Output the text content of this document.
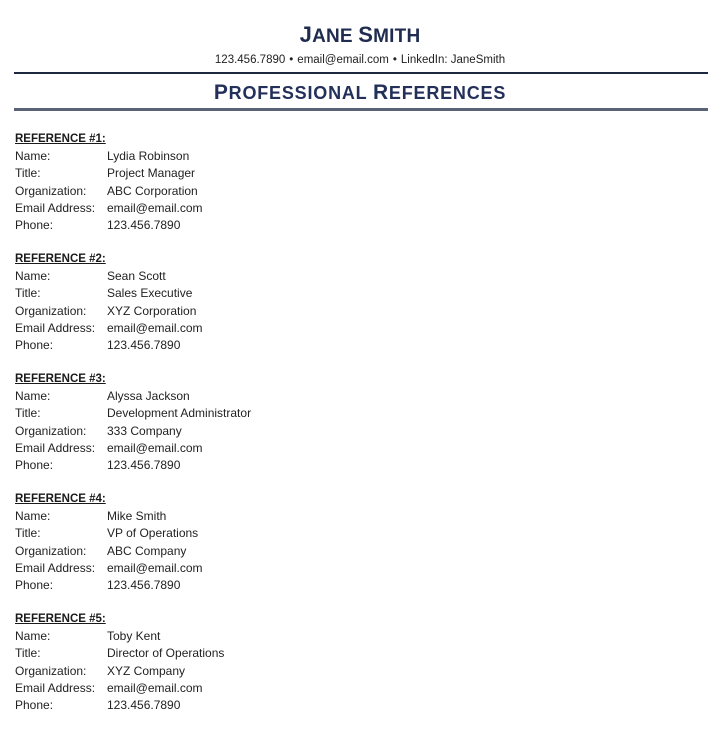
JANE SMITH
123.456.7890 • email@email.com • LinkedIn: JaneSmith
PROFESSIONAL REFERENCES
REFERENCE #1:
Name:	Lydia Robinson
Title:	Project Manager
Organization:	ABC Corporation
Email Address: email@email.com
Phone:	123.456.7890
REFERENCE #2:
Name:	Sean Scott
Title:	Sales Executive
Organization:	XYZ Corporation
Email Address: email@email.com
Phone:	123.456.7890
REFERENCE #3:
Name:	Alyssa Jackson
Title:	Development Administrator
Organization:	333 Company
Email Address: email@email.com
Phone:	123.456.7890
REFERENCE #4:
Name:	Mike Smith
Title:	VP of Operations
Organization:	ABC Company
Email Address: email@email.com
Phone:	123.456.7890
REFERENCE #5:
Name:	Toby Kent
Title:	Director of Operations
Organization:	XYZ Company
Email Address: email@email.com
Phone:	123.456.7890
